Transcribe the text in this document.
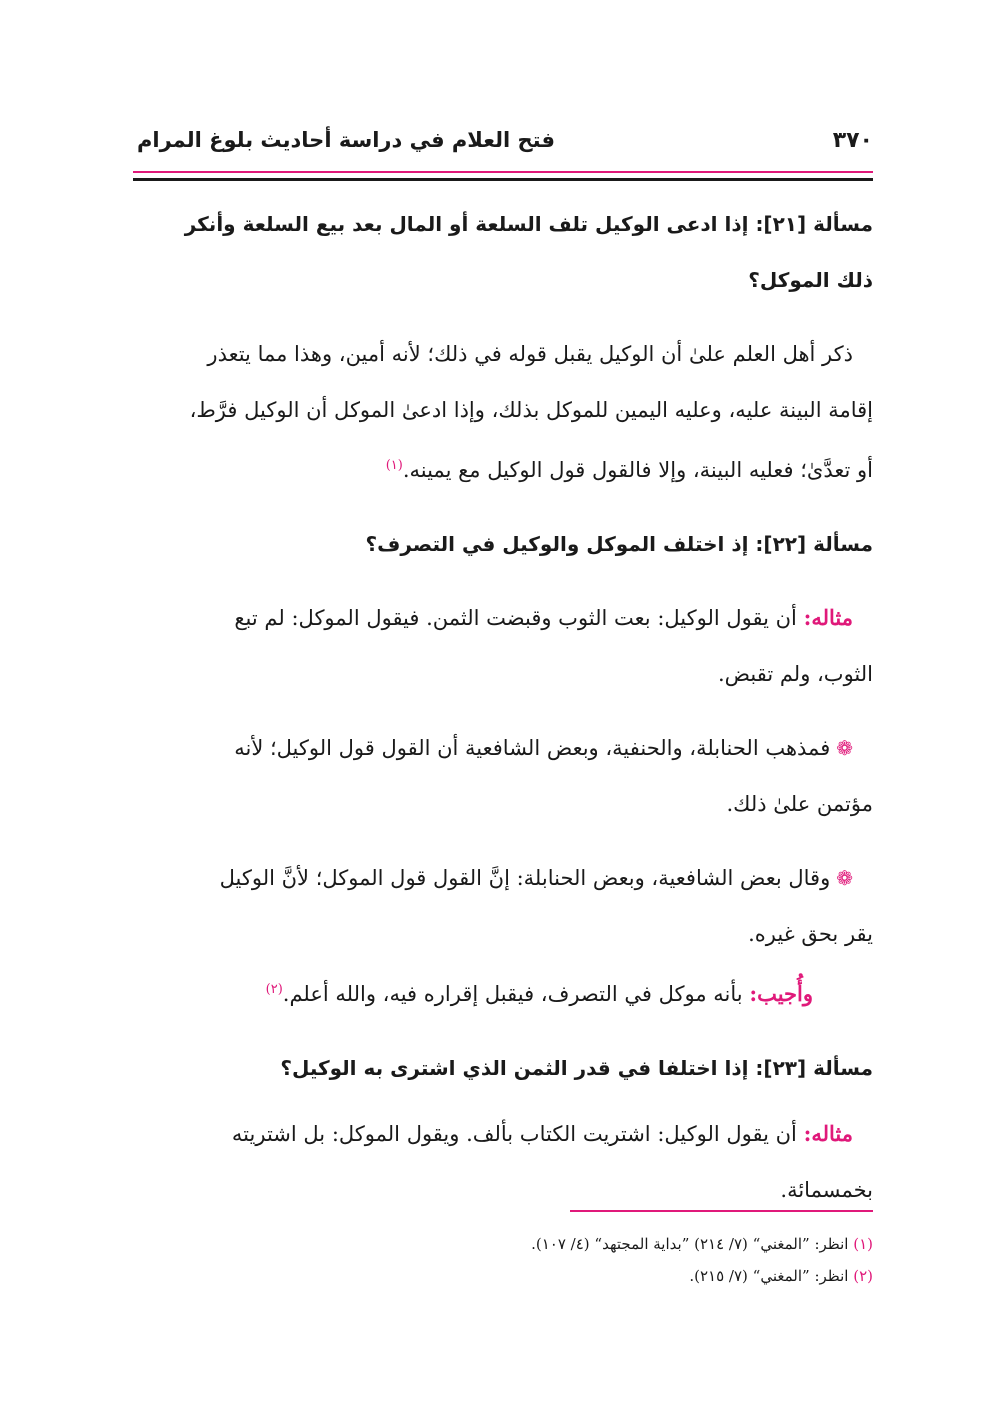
٣٧٠
فتح العلام في دراسة أحاديث بلوغ المرام
مسألة [٢١]: إذا ادعى الوكيل تلف السلعة أو المال بعد بيع السلعة وأنكر
ذلك الموكل؟
ذكر أهل العلم علىٰ أن الوكيل يقبل قوله في ذلك؛ لأنه أمين، وهذا مما يتعذر
إقامة البينة عليه، وعليه اليمين للموكل بذلك، وإذا ادعىٰ الموكل أن الوكيل فرَّط،
أو تعدَّىٰ؛ فعليه البينة، وإلا فالقول قول الوكيل مع يمينه.$^{(١)}$
مسألة [٢٢]: إذ اختلف الموكل والوكيل في التصرف؟
مثاله: أن يقول الوكيل: بعت الثوب وقبضت الثمن. فيقول الموكل: لم تبع
الثوب، ولم تقبض.
❁فمذهب الحنابلة، والحنفية، وبعض الشافعية أن القول قول الوكيل؛ لأنه
مؤتمن علىٰ ذلك.
❁وقال بعض الشافعية، وبعض الحنابلة: إنَّ القول قول الموكل؛ لأنَّ الوكيل
يقر بحق غيره.
وأُجيب: بأنه موكل في التصرف، فيقبل إقراره فيه، والله أعلم.$^{(٢)}$
مسألة [٢٣]: إذا اختلفا في قدر الثمن الذي اشترى به الوكيل؟
مثاله: أن يقول الوكيل: اشتريت الكتاب بألف. ويقول الموكل: بل اشتريته
بخمسمائة.
(١) انظر: ”المغني“ (٧/ ٢١٤) ”بداية المجتهد“ (٤/ ١٠٧).
(٢) انظر: ”المغني“ (٧/ ٢١٥).
